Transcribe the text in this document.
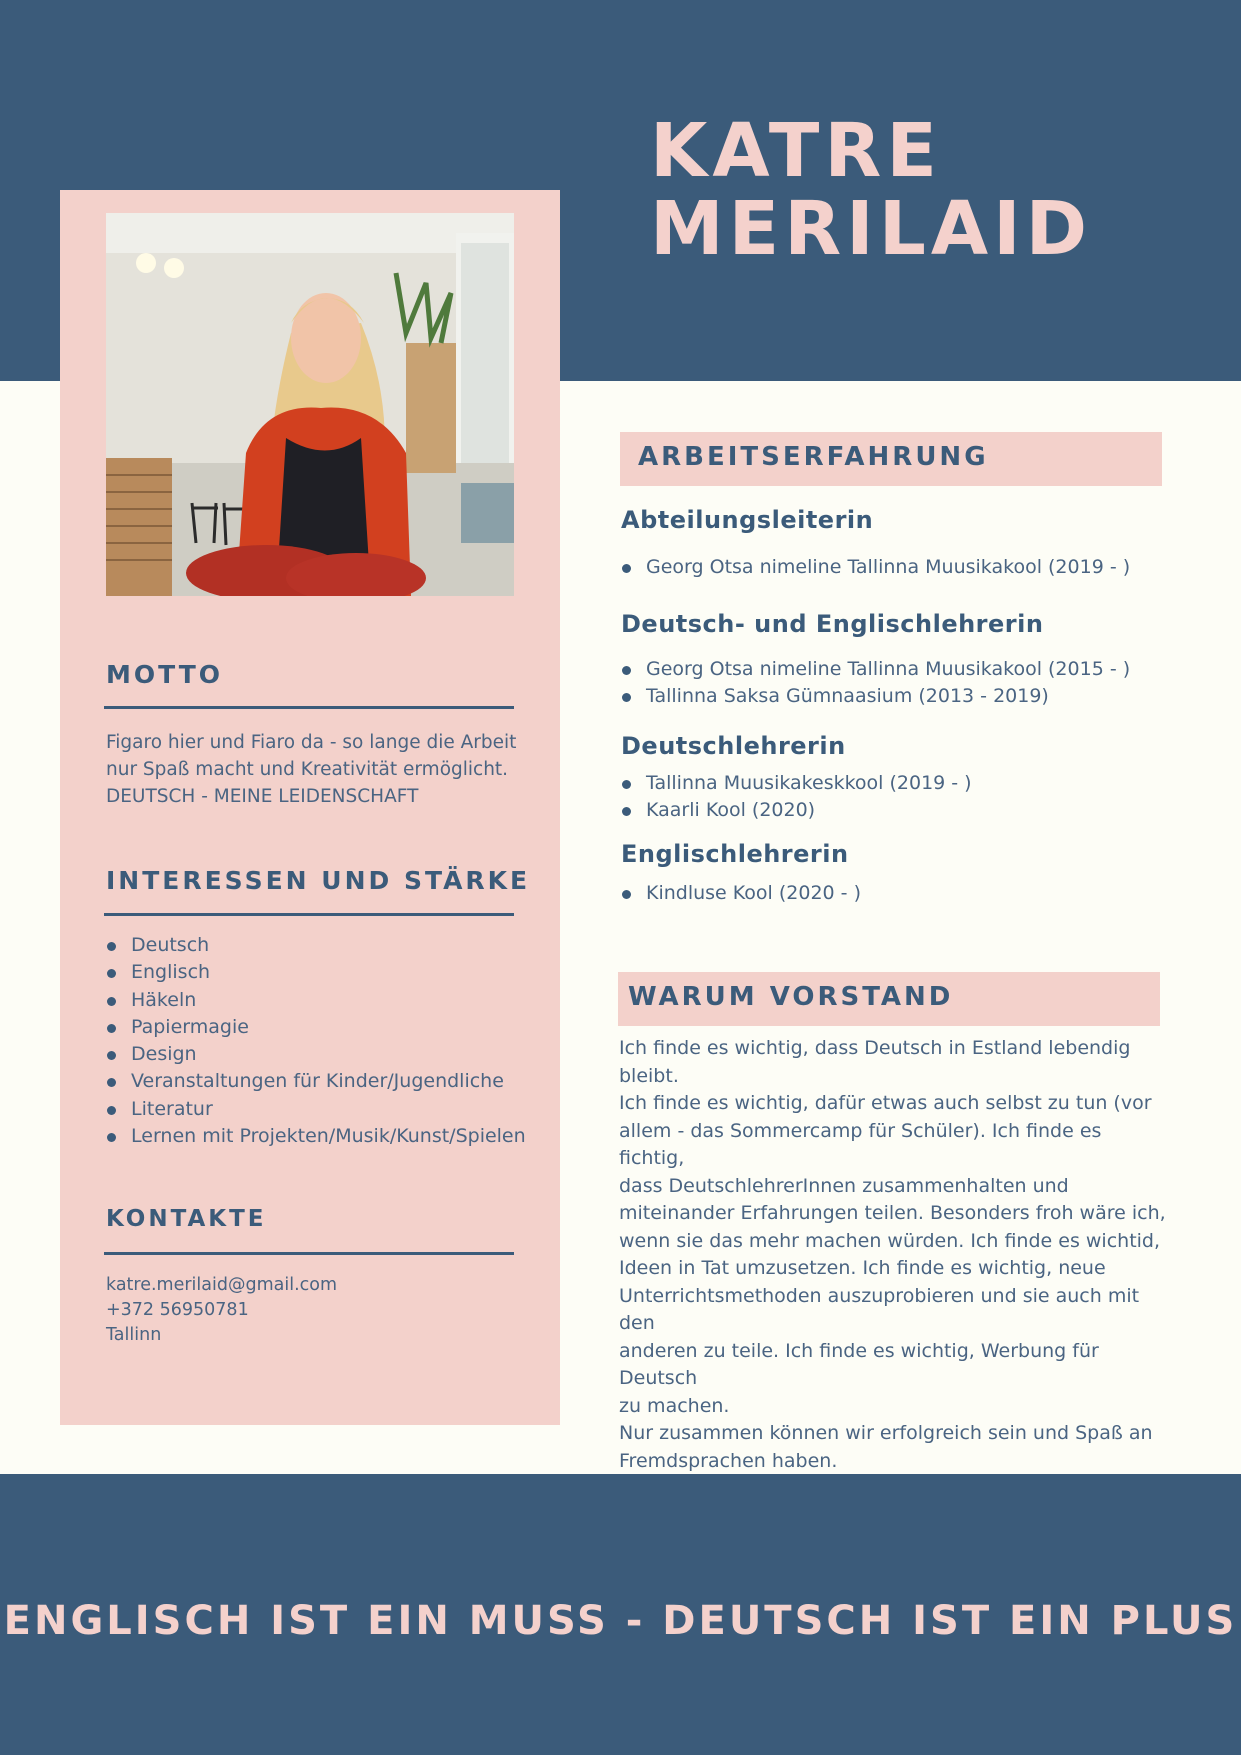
KATRE
MERILAID
MOTTO

Figaro hier und Fiaro da - so lange die Arbeit
nur Spaß macht und Kreativität ermöglicht.
DEUTSCH - MEINE LEIDENSCHAFT

INTERESSEN UND STÄRKE
Deutsch
Englisch
Häkeln
Papiermagie
Design
Veranstaltungen für Kinder/Jugendliche
Literatur
Lernen mit Projekten/Musik/Kunst/Spielen
KONTAKTE

katre.merilaid@gmail.com
+372 56950781
Tallinn

ARBEITSERFAHRUNG
Abteilungsleiterin
Georg Otsa nimeline Tallinna Muusikakool (2019 - )
Deutsch- und Englischlehrerin
Georg Otsa nimeline Tallinna Muusikakool (2015 - )
Tallinna Saksa Gümnaasium (2013 - 2019)
Deutschlehrerin
Tallinna Muusikakeskkool (2019 - )
Kaarli Kool (2020)
Englischlehrerin
Kindluse Kool (2020 - )
WARUM VORSTAND

Ich finde es wichtig, dass Deutsch in Estland lebendig bleibt.
Ich finde es wichtig, dafür etwas auch selbst zu tun (vor
allem - das Sommercamp für Schüler). Ich finde es fichtig,
dass DeutschlehrerInnen zusammenhalten und
miteinander Erfahrungen teilen. Besonders froh wäre ich,
wenn sie das mehr machen würden. Ich finde es wichtid,
Ideen in Tat umzusetzen. Ich finde es wichtig, neue
Unterrichtsmethoden auszuprobieren und sie auch mit den
anderen zu teile. Ich finde es wichtig, Werbung für Deutsch
zu machen.
Nur zusammen können wir erfolgreich sein und Spaß an
Fremdsprachen haben.

ENGLISCH IST EIN MUSS - DEUTSCH IST EIN PLUS
